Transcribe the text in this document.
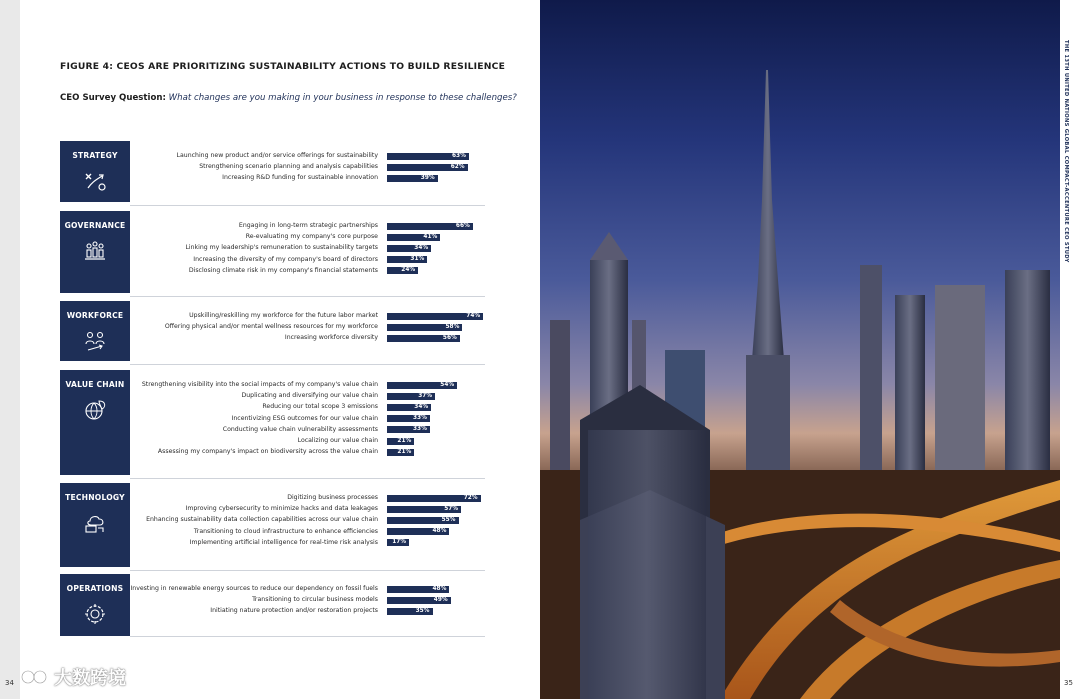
FIGURE 4: CEOS ARE PRIORITIZING SUSTAINABILITY ACTIONS TO BUILD RESILIENCE
CEO Survey Question: What changes are you making in your business in response to these challenges?
STRATEGY	Launching new product and/or service offerings for sustainability	63%
Strengthening scenario planning and analysis capabilities	62%
Increasing R&D funding for sustainable innovation	39%
GOVERNANCE	Engaging in long-term strategic partnerships	66%
Re-evaluating my company's core purpose	41%
Linking my leadership's remuneration to sustainability targets	34%
Increasing the diversity of my company's board of directors	31%
Disclosing climate risk in my company's financial statements	24%
WORKFORCE	Upskilling/reskilling my workforce for the future labor market	74%
Offering physical and/or mental wellness resources for my workforce	58%
Increasing workforce diversity	56%
VALUE CHAIN	Strengthening visibility into the social impacts of my company's value chain	54%
Duplicating and diversifying our value chain	37%
Reducing our total scope 3 emissions	34%
Incentivizing ESG outcomes for our value chain	33%
Conducting value chain vulnerability assessments	33%
Localizing our value chain	21%
Assessing my company's impact on biodiversity across the value chain	21%
TECHNOLOGY	Digitizing business processes	72%
Improving cybersecurity to minimize hacks and data leakages	57%
Enhancing sustainability data collection capabilities across our value chain	55%
Transitioning to cloud infrastructure to enhance efficiencies	48%
Implementing artificial intelligence for real-time risk analysis	17%
OPERATIONS Investing in renewable energy sources to reduce our dependency on fossil fuels	48%
Transitioning to circular business models	49%
Initiating nature protection and/or restoration projects	35%
THE 13TH UNITED NATIONS GLOBAL COMPACT-ACCENTURE CEO STUDY
34	35
大数跨境
